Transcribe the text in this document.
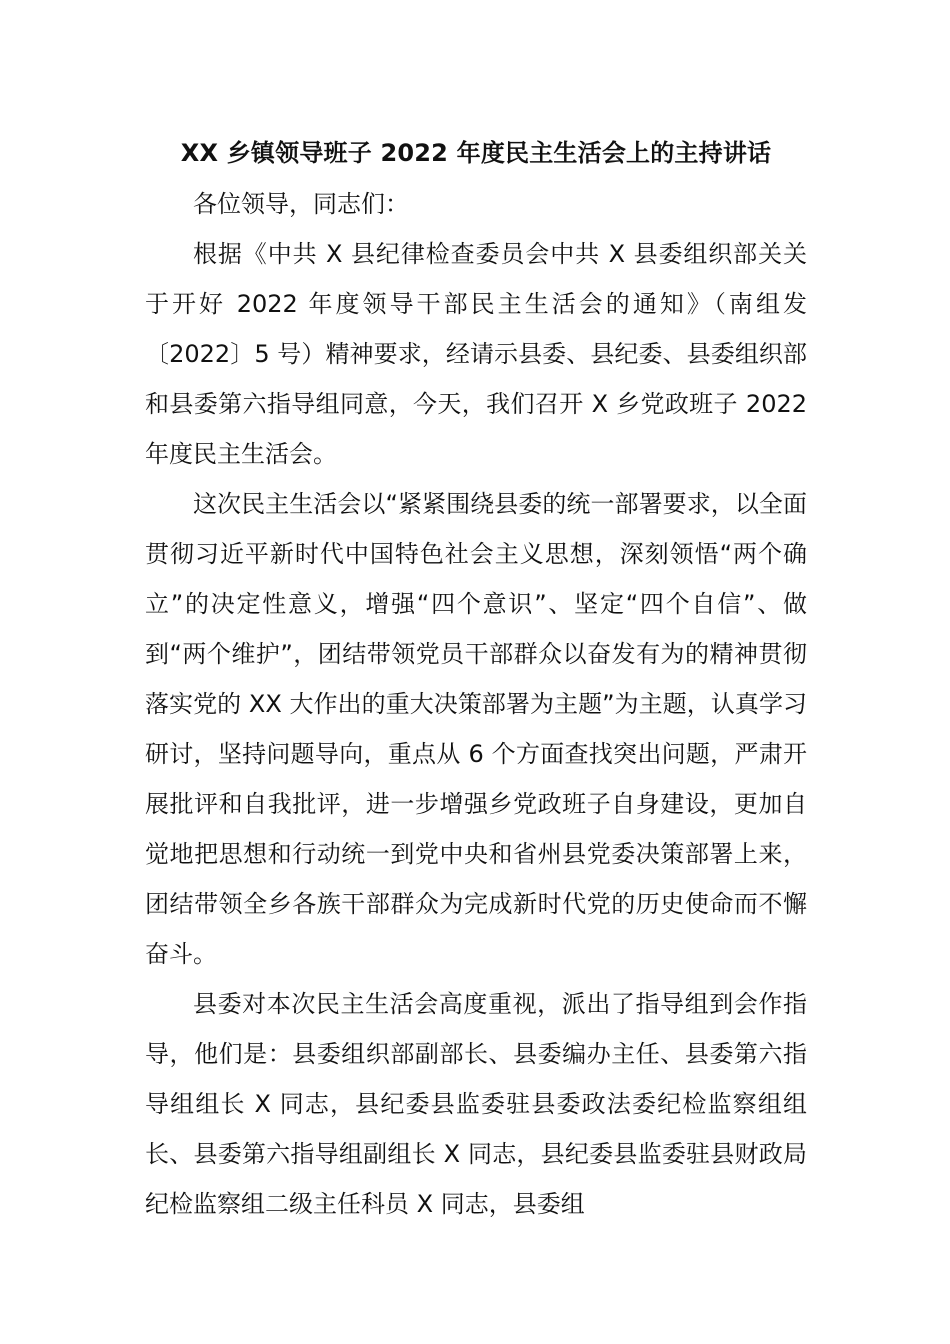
XX 乡镇领导班子 2022 年度民主生活会上的主持讲话

各位领导，同志们：

根据《中共 X 县纪律检查委员会中共 X 县委组织部关关于开好 2022 年度领导干部民主生活会的通知》（南组发〔2022〕5 号）精神要求，经请示县委、县纪委、县委组织部和县委第六指导组同意，今天，我们召开 X 乡党政班子 2022 年度民主生活会。

这次民主生活会以“紧紧围绕县委的统一部署要求，以全面贯彻习近平新时代中国特色社会主义思想，深刻领悟“两个确立”的决定性意义，增强“四个意识”、坚定“四个自信”、做到“两个维护”，团结带领党员干部群众以奋发有为的精神贯彻落实党的 XX 大作出的重大决策部署为主题”为主题，认真学习研讨，坚持问题导向，重点从 6 个方面查找突出问题，严肃开展批评和自我批评，进一步增强乡党政班子自身建设，更加自觉地把思想和行动统一到党中央和省州县党委决策部署上来，团结带领全乡各族干部群众为完成新时代党的历史使命而不懈奋斗。

县委对本次民主生活会高度重视，派出了指导组到会作指导，他们是：县委组织部副部长、县委编办主任、县委第六指导组组长 X 同志，县纪委县监委驻县委政法委纪检监察组组长、县委第六指导组副组长 X 同志，县纪委县监委驻县财政局纪检监察组二级主任科员 X 同志，县委组
